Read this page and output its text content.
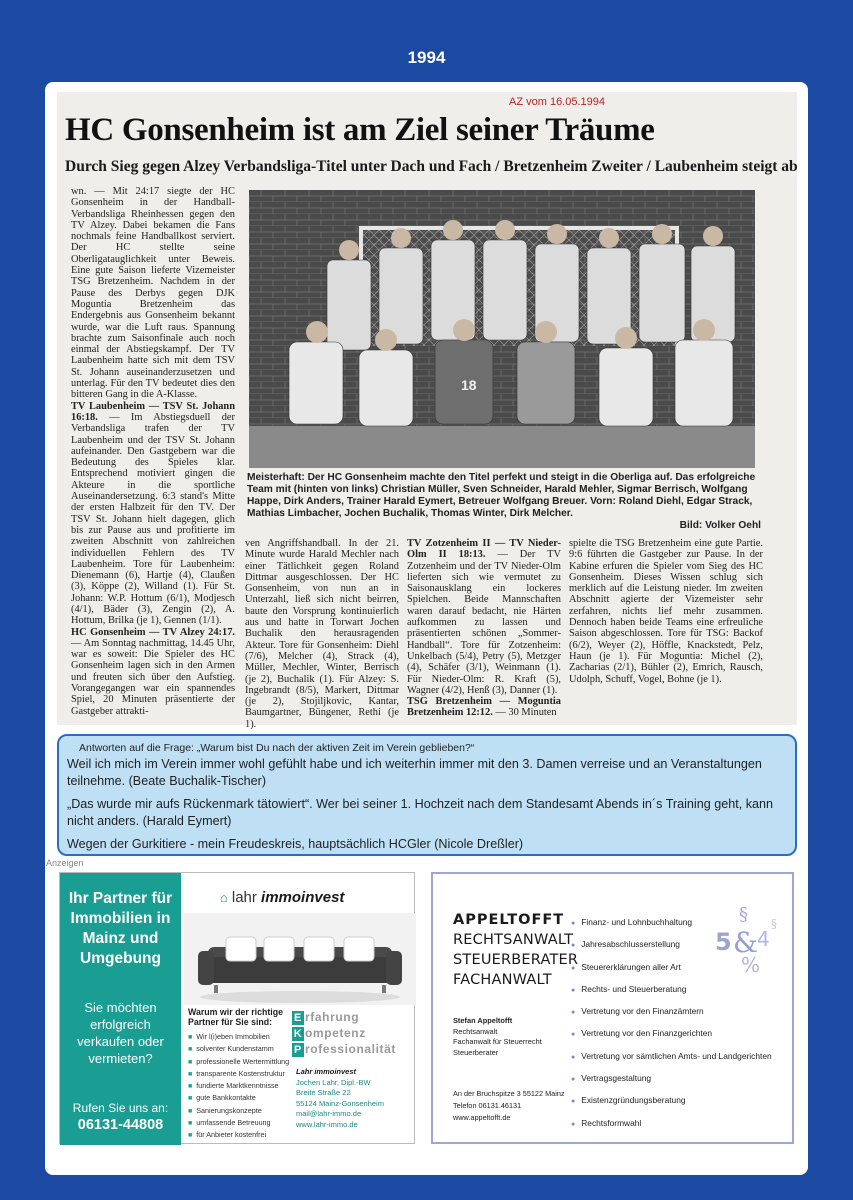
1994
AZ vom 16.05.1994
HC Gonsenheim ist am Ziel seiner Träume
Durch Sieg gegen Alzey Verbandsliga-Titel unter Dach und Fach / Bretzenheim Zweiter / Laubenheim steigt ab

wn. — Mit 24:17 siegte der HC Gonsenheim in der Handball-Verbandsliga Rheinhessen gegen den TV Alzey. Dabei bekamen die Fans nochmals feine Handballkost serviert. Der HC stellte seine Oberligatauglichkeit unter Beweis. Eine gute Saison lieferte Vizemeister TSG Bretzenheim. Nachdem in der Pause des Derbys gegen DJK Moguntia Bretzenheim das Endergebnis aus Gonsenheim bekannt wurde, war die Luft raus. Spannung brachte zum Saisonfinale auch noch einmal der Abstiegskampf. Der TV Laubenheim hatte sich mit dem TSV St. Johann auseinanderzusetzen und unterlag. Für den TV bedeutet dies den bitteren Gang in die A-Klasse.

TV Laubenheim — TSV St. Johann 16:18. — Im Abstiegsduell der Verbandsliga trafen der TV Laubenheim und der TSV St. Johann aufeinander. Den Gastgebern war die Bedeutung des Spieles klar. Entsprechend motiviert gingen die Akteure in die sportliche Auseinandersetzung. 6:3 stand's Mitte der ersten Halbzeit für den TV. Der TSV St. Johann hielt dagegen, glich bis zur Pause aus und profitierte im zweiten Abschnitt von zahlreichen individuellen Fehlern des TV Laubenheim. Tore für Laubenheim: Dienemann (6), Hartje (4), Claußen (3), Köppe (2), Willand (1). Für St. Johann: W.P. Hottum (6/1), Modjesch (4/1), Bäder (3), Zengin (2), A. Hottum, Brilka (je 1), Gennen (1/1).

HC Gonsenheim — TV Alzey 24:17. — Am Sonntag nachmittag, 14.45 Uhr, war es soweit: Die Spieler des HC Gonsenheim lagen sich in den Armen und freuten sich über den Aufstieg. Vorangegangen war ein spannendes Spiel, 20 Minuten präsentierte der Gastgeber attrakti-

18
Meisterhaft: Der HC Gonsenheim machte den Titel perfekt und steigt in die Oberliga auf. Das erfolgreiche Team mit (hinten von links) Christian Müller, Sven Schneider, Harald Mehler, Sigmar Berrisch, Wolfgang Happe, Dirk Anders, Trainer Harald Eymert, Betreuer Wolfgang Breuer. Vorn: Roland Diehl, Edgar Strack, Mathias Limbacher, Jochen Buchalik, Thomas Winter, Dirk Melcher.
Bild: Volker Oehl

ven Angriffshandball. In der 21. Minute wurde Harald Mechler nach einer Tätlichkeit gegen Roland Dittmar ausgeschlossen. Der HC Gonsenheim, von nun an in Unterzahl, ließ sich nicht beirren, baute den Vorsprung kontinuierlich aus und hatte in Torwart Jochen Buchalik den herausragenden Akteur. Tore für Gonsenheim: Diehl (7/6), Melcher (4), Strack (4), Müller, Mechler, Winter, Berrisch (je 2), Buchalik (1). Für Alzey: S. Ingebrandt (8/5), Markert, Dittmar (je 2), Stojiljkovic, Kantar, Baumgartner, Büngener, Rethi (je 1).

TV Zotzenheim II — TV Nieder-Olm II 18:13. — Der TV Zotzenheim und der TV Nieder-Olm lieferten sich wie vermutet zu Saisonausklang ein lockeres Spielchen. Beide Mannschaften waren darauf bedacht, nie Härten aufkommen zu lassen und präsentierten schönen „Sommer-Handball“. Tore für Zotzenheim: Unkelbach (5/4), Petry (5), Metzger (4), Schäfer (3/1), Weinmann (1). Für Nieder-Olm: R. Kraft (5), Wagner (4/2), Henß (3), Danner (1).

TSG Bretzenheim — Moguntia Bretzenheim 12:12. — 30 Minuten

spielte die TSG Bretzenheim eine gute Partie. 9:6 führten die Gastgeber zur Pause. In der Kabine erfuren die Spieler vom Sieg des HC Gonsenheim. Dieses Wissen schlug sich merklich auf die Leistung nieder. Im zweiten Abschnitt agierte der Vizemeister sehr zerfahren, nichts lief mehr zusammen. Dennoch haben beide Teams eine erfreuliche Saison abgeschlossen. Tore für TSG: Backof (6/2), Weyer (2), Höffle, Knackstedt, Pelz, Haun (je 1). Für Moguntia: Michel (2), Zacharias (2/1), Bühler (2), Emrich, Rausch, Udolph, Schuff, Vogel, Bohne (je 1).

Antworten auf die Frage: „Warum bist Du nach der aktiven Zeit im Verein geblieben?“
Weil ich mich im Verein immer wohl gefühlt habe und ich weiterhin immer mit den 3. Damen verreise und an Veranstaltungen teilnehme. (Beate Buchalik-Tischer)
„Das wurde mir aufs Rückenmark tätowiert“. Wer bei seiner 1. Hochzeit nach dem Standesamt Abends in´s Training geht, kann nicht anders. (Harald Eymert)
Wegen der Gurkitiere - mein Freudeskreis, hauptsächlich HCGler (Nicole Dreßler)
Anzeigen
Ihr Partner für Immobilien in Mainz und Umgebung
Sie möchten erfolgreich verkaufen oder vermieten?
Rufen Sie uns an:
06131-44808
⌂ lahr immoinvest
Warum wir der richtige Partner für Sie sind:
■ Wir l(i)eben Immobilien
■ solventer Kundenstamm
■ professionelle Wertermittlung
■ transparente Kostenstruktur
■ fundierte Marktkenntnisse
■ gute Bankkontakte
■ Sanierungskonzepte
■ umfassende Betreuung
■ für Anbieter kostenfrei
E rfahrung
K ompetenz
P rofessionalität
Lahr immoinvest
Jochen Lahr, Dipl.-BW
Breite Straße 22
55124 Mainz-Gonsenheim
mail@lahr-immo.de
www.lahr-immo.de
APPELTOFFT
RECHTSANWALT
STEUERBERATER
FACHANWALT
Stefan Appeltofft
Rechtsanwalt
Fachanwalt für Steuerrecht
Steuerberater
An der Bruchspitze 3 55122 Mainz
Telefon 06131.46131
www.appeltofft.de
● Finanz- und Lohnbuchhaltung
● Jahresabschlusserstellung
● Steuererklärungen aller Art
● Rechts- und Steuerberatung
● Vertretung vor den Finanzämtern
● Vertretung vor den Finanzgerichten
● Vertretung vor sämtlichen Amts- und Landgerichten
● Vertragsgestaltung
● Existenzgründungsberatung
● Rechtsformwahl
§
5 & 4
%
§
